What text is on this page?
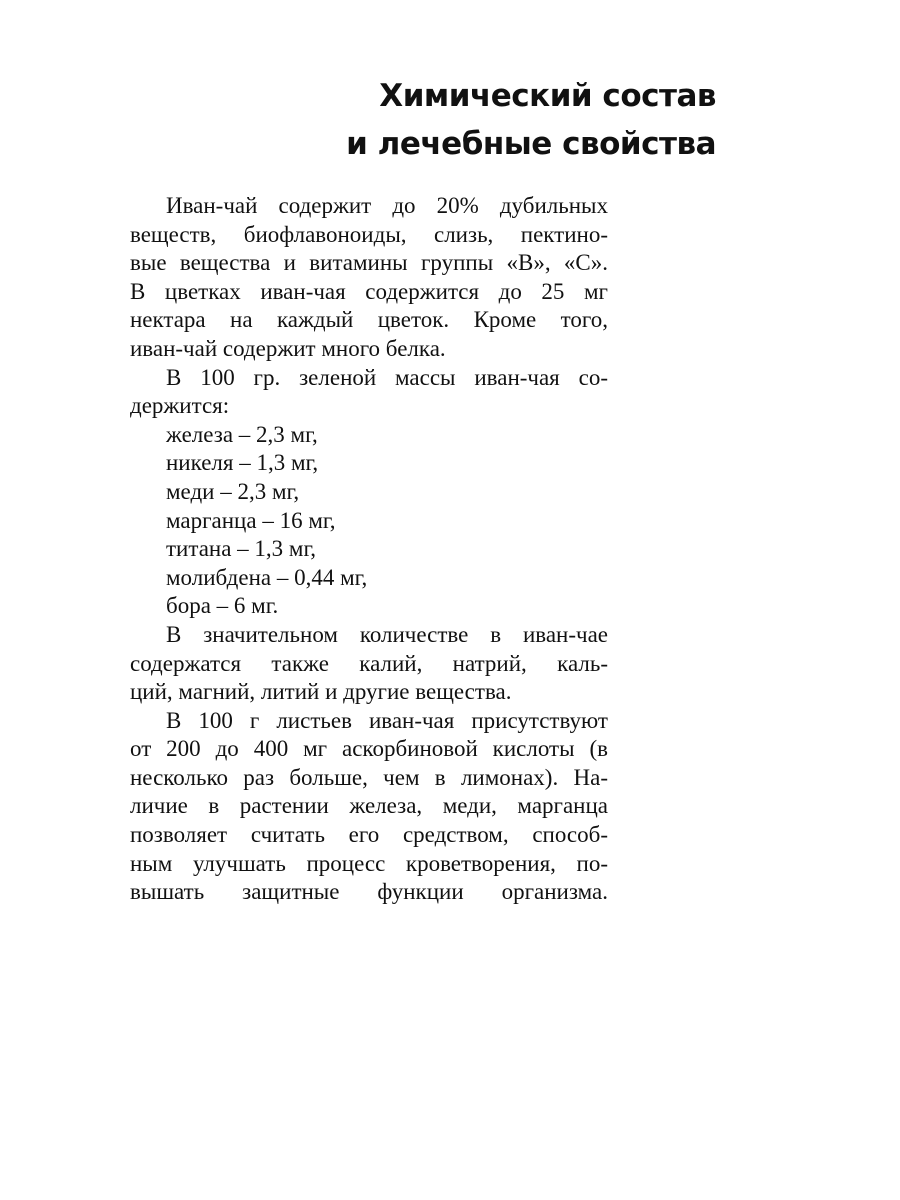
Химический состав
и лечебные свойства
Иван-чай содержит до 20% дубильных
веществ, биофлавоноиды, слизь, пектино-
вые вещества и витамины группы «В», «С».
В цветках иван-чая содержится до 25 мг
нектара на каждый цветок. Кроме того,
иван-чай содержит много белка.
В 100 гр. зеленой массы иван-чая со-
держится:
железа – 2,3 мг,
никеля – 1,3 мг,
меди – 2,3 мг,
марганца – 16 мг,
титана – 1,3 мг,
молибдена – 0,44 мг,
бора – 6 мг.
В значительном количестве в иван-чае
содержатся также калий, натрий, каль-
ций, магний, литий и другие вещества.
В 100 г листьев иван-чая присутствуют
от 200 до 400 мг аскорбиновой кислоты (в
несколько раз больше, чем в лимонах). На-
личие в растении железа, меди, марганца
позволяет считать его средством, способ-
ным улучшать процесс кроветворения, по-
вышать защитные функции организма.
